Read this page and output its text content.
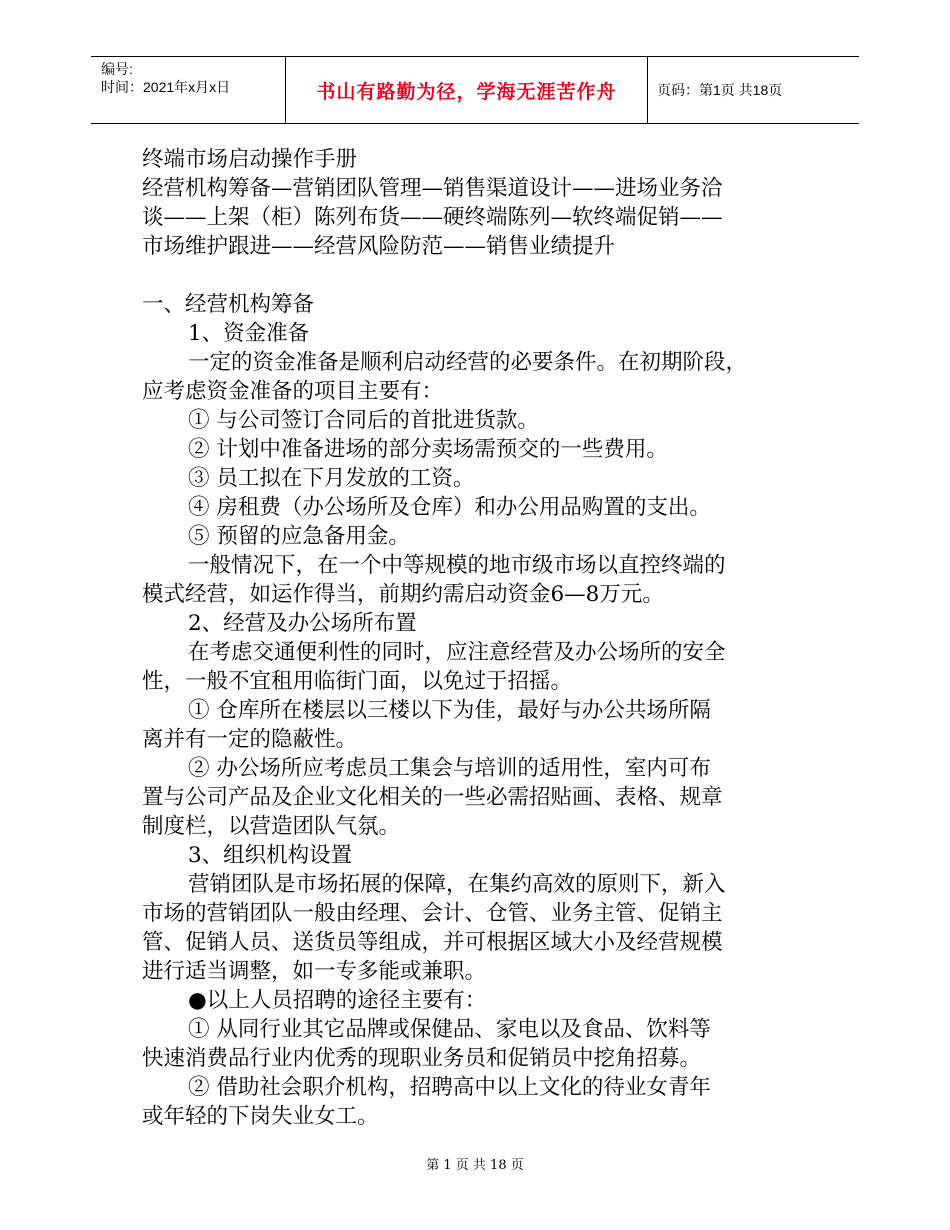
编号:
时间：2021年x月x日	书山有路勤为径，学海无涯苦作舟	页码：第1页 共18页
终端市场启动操作手册
经营机构筹备—营销团队管理—销售渠道设计——进场业务洽
谈——上架（柜）陈列布货——硬终端陈列—软终端促销——
市场维护跟进——经营风险防范——销售业绩提升
一、经营机构筹备
1、资金准备
一定的资金准备是顺利启动经营的必要条件。在初期阶段，
应考虑资金准备的项目主要有：
① 与公司签订合同后的首批进货款。
② 计划中准备进场的部分卖场需预交的一些费用。
③ 员工拟在下月发放的工资。
④ 房租费（办公场所及仓库）和办公用品购置的支出。
⑤ 预留的应急备用金。
一般情况下，在一个中等规模的地市级市场以直控终端的
模式经营，如运作得当，前期约需启动资金6—8万元。
2、经营及办公场所布置
在考虑交通便利性的同时，应注意经营及办公场所的安全
性，一般不宜租用临街门面，以免过于招摇。
① 仓库所在楼层以三楼以下为佳，最好与办公共场所隔
离并有一定的隐蔽性。
② 办公场所应考虑员工集会与培训的适用性，室内可布
置与公司产品及企业文化相关的一些必需招贴画、表格、规章
制度栏，以营造团队气氛。
3、组织机构设置
营销团队是市场拓展的保障，在集约高效的原则下，新入
市场的营销团队一般由经理、会计、仓管、业务主管、促销主
管、促销人员、送货员等组成，并可根据区域大小及经营规模
进行适当调整，如一专多能或兼职。
●以上人员招聘的途径主要有：
① 从同行业其它品牌或保健品、家电以及食品、饮料等
快速消费品行业内优秀的现职业务员和促销员中挖角招募。
② 借助社会职介机构，招聘高中以上文化的待业女青年
或年轻的下岗失业女工。
第 1 页 共 18 页
